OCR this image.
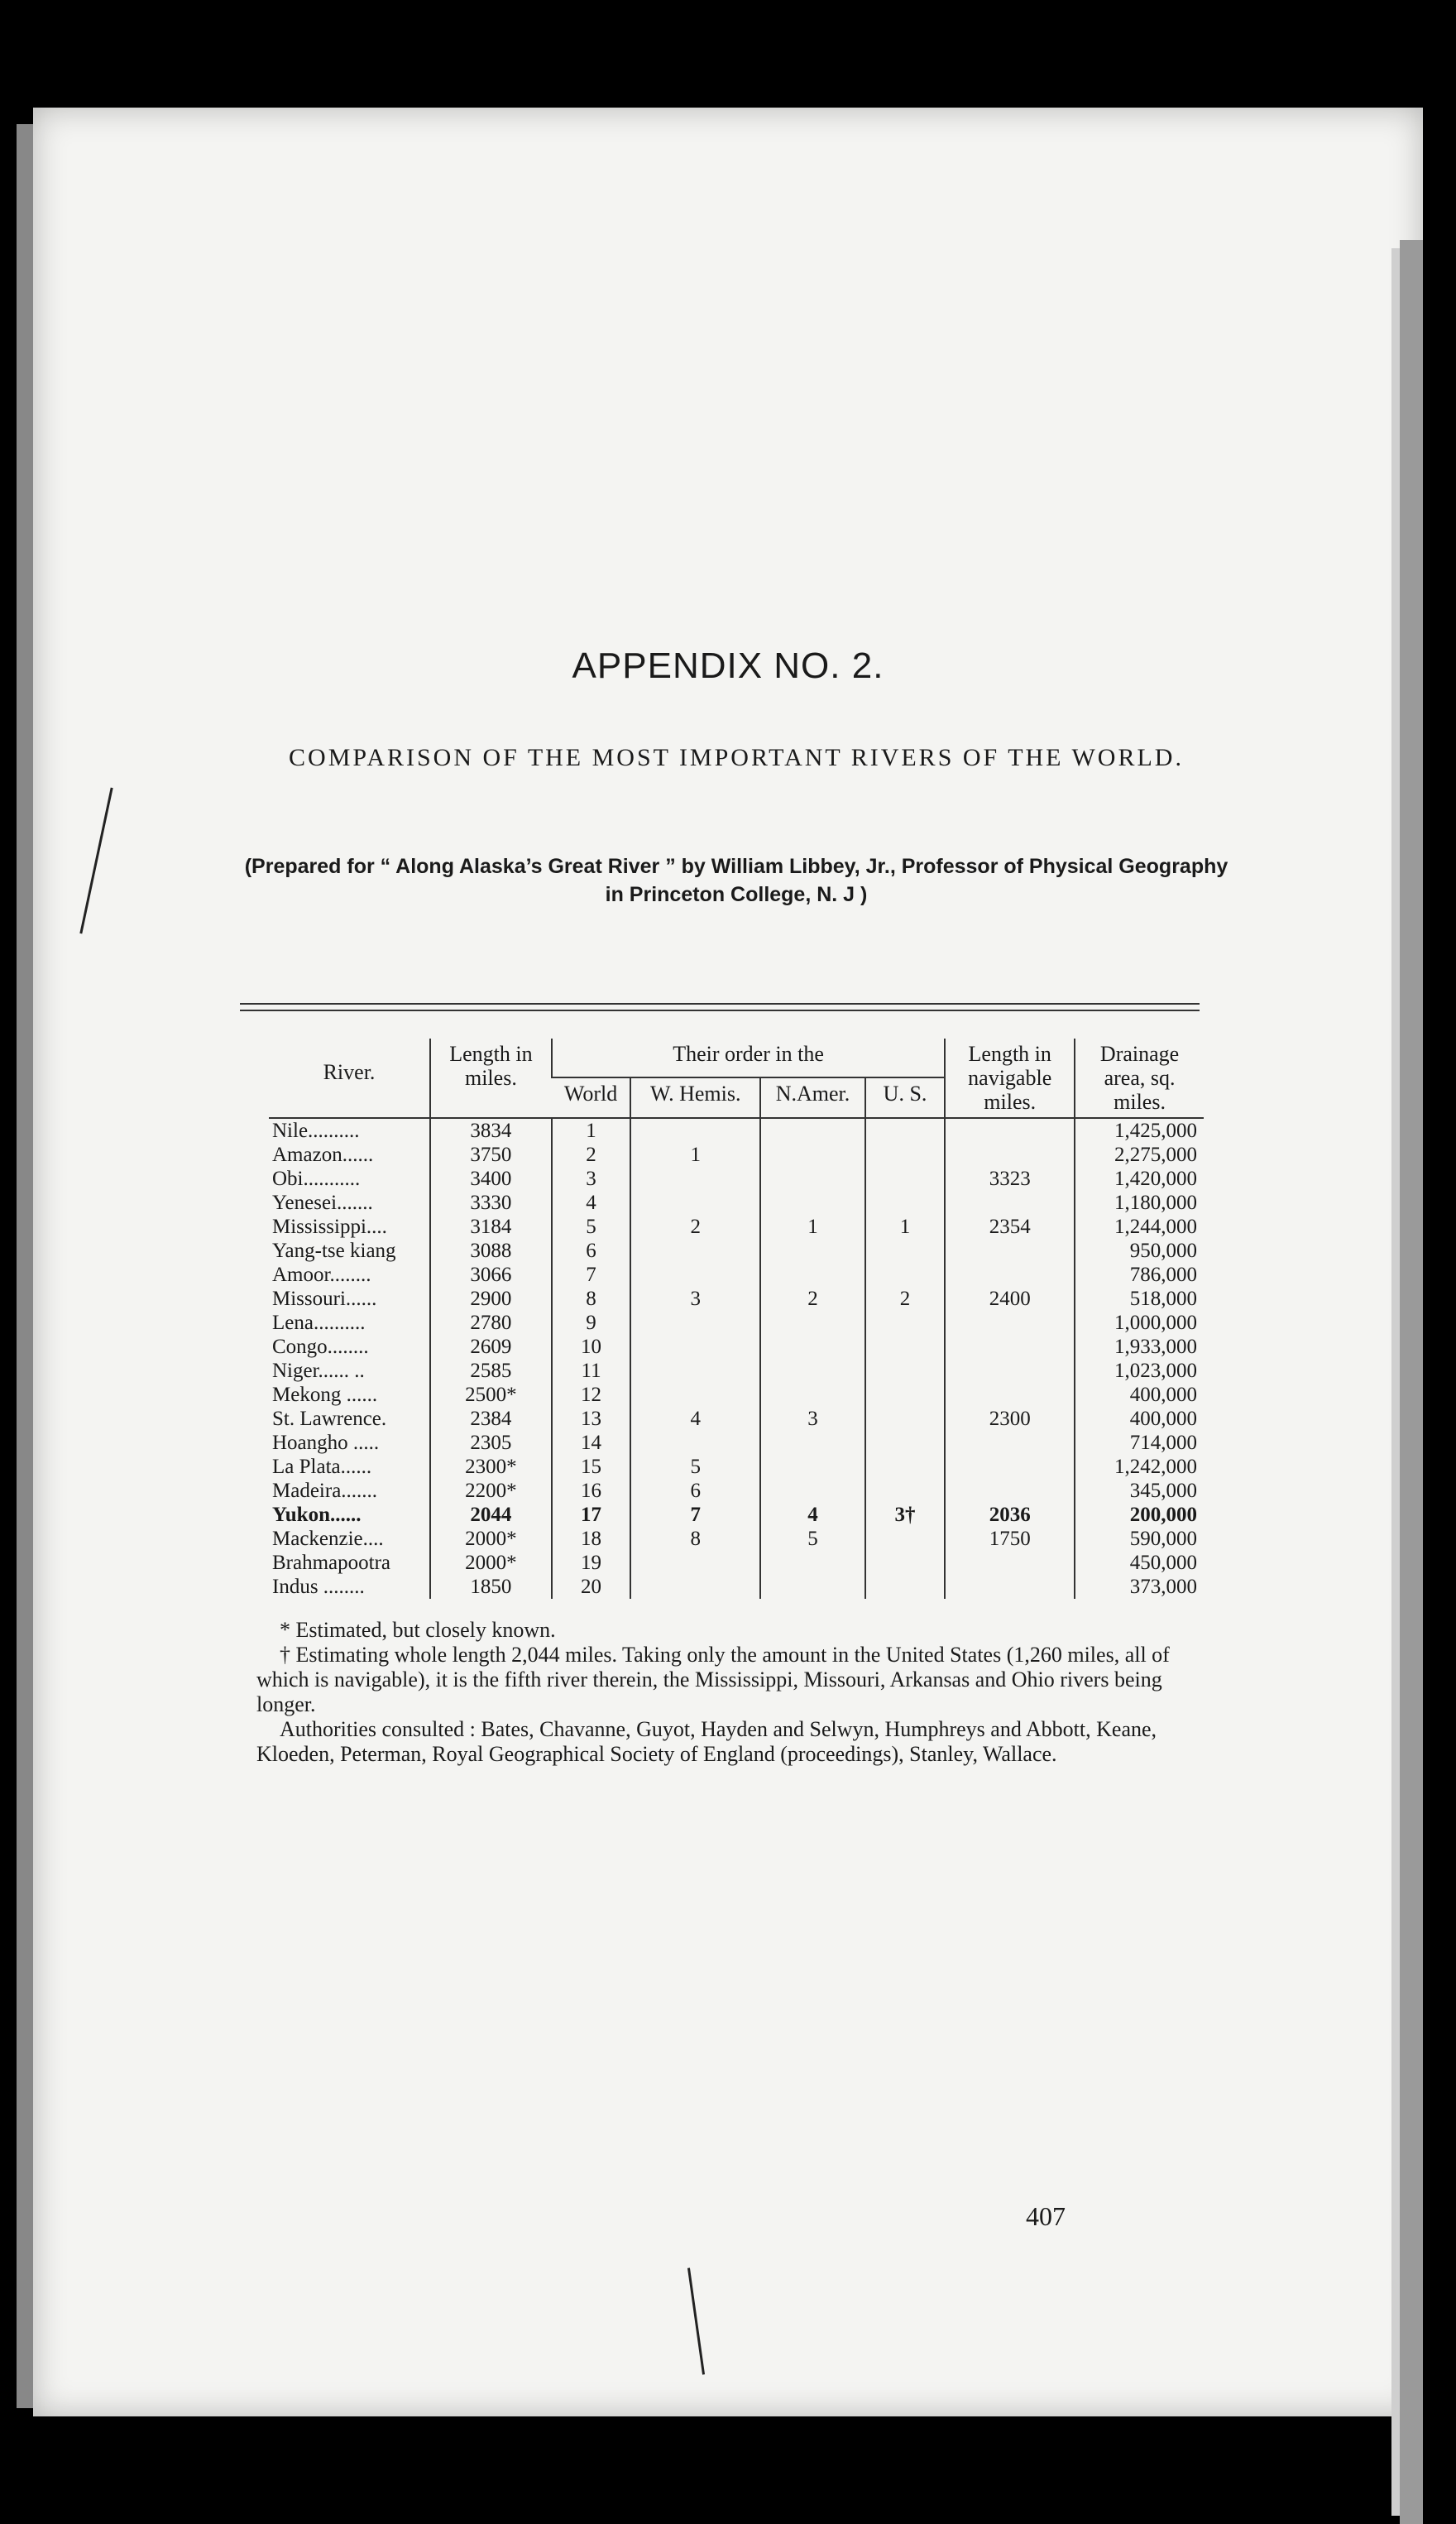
APPENDIX NO. 2.
COMPARISON OF THE MOST IMPORTANT RIVERS OF THE WORLD.
(Prepared for “ Along Alaska’s Great River ” by William Libbey, Jr., Professor of Physical Geography in Princeton College, N. J )
River.	Length in miles.	Their order in the				Length in navigable miles.	Drainage area, sq. miles.
		World	W. Hemis.	N.Amer.	U. S.		
Nile..........	3834	1					1,425,000
Amazon......	3750	2	1				2,275,000
Obi...........	3400	3				3323	1,420,000
Yenesei.......	3330	4					1,180,000
Mississippi....	3184	5	2	1	1	2354	1,244,000
Yang-tse kiang	3088	6					950,000
Amoor........	3066	7					786,000
Missouri......	2900	8	3	2	2	2400	518,000
Lena..........	2780	9					1,000,000
Congo........	2609	10					1,933,000
Niger...... ..	2585	11					1,023,000
Mekong ......	2500*	12					400,000
St. Lawrence.	2384	13	4	3		2300	400,000
Hoangho .....	2305	14					714,000
La Plata......	2300*	15	5				1,242,000
Madeira.......	2200*	16	6				345,000
Yukon......	2044	17	7	4	3†	2036	200,000
Mackenzie....	2000*	18	8	5		1750	590,000
Brahmapootra	2000*	19					450,000
Indus ........	1850	20					373,000

* Estimated, but closely known.

† Estimating whole length 2,044 miles. Taking only the amount in the United States (1,260 miles, all of which is navigable), it is the fifth river therein, the Mississippi, Missouri, Arkansas and Ohio rivers being longer.

Authorities consulted : Bates, Chavanne, Guyot, Hayden and Selwyn, Humphreys and Abbott, Keane, Kloeden, Peterman, Royal Geographical Society of England (proceedings), Stanley, Wallace.

407
